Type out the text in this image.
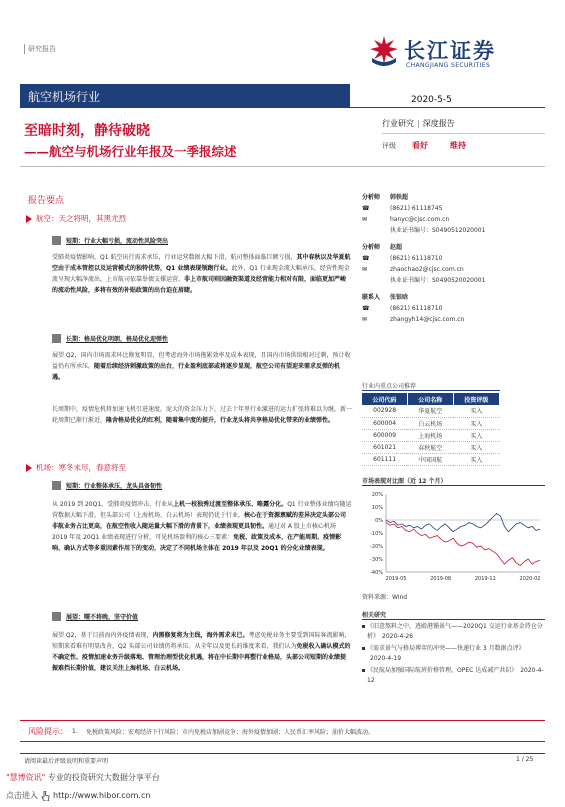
研究报告	长江证券
CHANGJIANG SECURITIES
航空机场行业	2020-5-5
行业研究 | 深度报告
评级	看好	维持
至暗时刻，静待破晓
——航空与机场行业年报及一季报综述
报告要点
航空：天之将明，其黑尤烈
短期：行业大幅亏损，流动性风险突出
受肺炎疫情影响，Q1 航空出行需求承压，行业运营数据大幅下滑，航司整体面临巨额亏损，其中春秋以及华夏航空由于成本管控以及运营模式的独特优势，Q1 业绩表现领跑行业。此外，Q1 行业现金流大幅承压，经营性现金流呈现大幅净流出，上市航司依靠举债支撑运营，非上市航司则因融资渠道及经营能力相对有限，面临更加严峻的流动性风险，多将有效的补贴政策的出台迫在眉睫。
长期：格局优化明朗，格局优化迎弹性
展望 Q2，国内市场需求环比修复明显，但考虑海外市场拖累效率及成本表现，且国内市场供给相对过剩，预计收益仍有所承压。随着后续经济刺激政策的出台，行业盈利底部或将逐步显现，航空公司有望迎来需求反弹的机遇。
长周期中，疫情危机将加速飞机引进速度，庞大的资金压力下，过去十年里行业激进的运力扩张将难以为继，新一轮周期已渐行渐近，隆舍格局优化的红利，随着集中度的提升，行业龙头将共享格局优化带来的业绩弹性。
机场：寒冬未尽，春意将至
短期：行业整体承压，龙头具备韧性
从 2019 到 20Q1，受肺炎疫情冲击，行业从上机一枝独秀过渡至整体承压、略露分化。Q1 行业整体业绩均随运营数据大幅下滑，但头部公司（上海机场、白云机场）表现仍优于行业，核心在于资源禀赋的差异决定头部公司非航业务占比更高，在航空性收入随运量大幅下滑的背景下，业绩表现更具韧性。通过对 A 股上市核心机场 2019 年及 20Q1 业绩表现进行分析，可见机场盈利的核心三要素：免税、政策及成本，在产能周期、疫情影响、确认方式等多重因素作用下的变动，决定了不同机场主体在 2019 年以及 20Q1 的分化业绩表现。
展望：曙不将晚，坚守价值
展望 Q2，基于目前海内外疫情表现，内需修复将为主线，海外需求未已。考虑免税业务主要受到国际客流影响，短期来看难有明显改善，Q2 头部公司业绩仍将承压。从全年以及更长的维度来看，我们认为免税收入确认模式的不确定性、疫情加速业务升级落地、管理治理型优化机遇，将在中长期中再塑行业格局，头部公司短期的业绩提振难挡长期价值，建议关注上海机场、白云机场。
风险提示： 1.	免税政策风险；宏观经济下行风险；市内免税店加剧竞争；海外疫情加剧；人民币汇率风险；油价大幅波动。
分析师	韩轶超
☎	(8621) 61118745
✉	hanyc@cjsc.com.cn
执业证书编号：S0490512020001
分析师	赵超
☎	(8621) 61118710
✉	zhaochao2@cjsc.com.cn
执业证书编号：S0490520020001
联系人	张银晗
☎	(8621) 61118710
✉	zhangyh14@cjsc.com.cn
行业内重点公司推荐
公司代码	公司名称	投资评级
002928	华夏航空	买入
600004	白云机场	买入
600009	上海机场	买入
601021	春秋航空	买入
601111	中国国航	买入
市场表现对比图（近 12 个月）
20%
10%
0%
-10%
-20%
-30%
-40%
2019-05	2019-08	2019-11	2020-02
资料来源：Wind
相关研究
《旧意熬料之中，逃殿港循景气——2020Q1 交运行业基金持仓分析》 2020-4-26
《需求景气与格局博弈的冲突——快递行业 3 月数据点评》2020-4-19
《民航局加强国际航班价格管理，OPEC 达成减产共识》 2020-4-12
请阅读最后评级说明和重要声明	1 / 25
"慧博资讯" 专业的投资研究大数据分享平台
点击进入 http://www.hibor.com.cn
